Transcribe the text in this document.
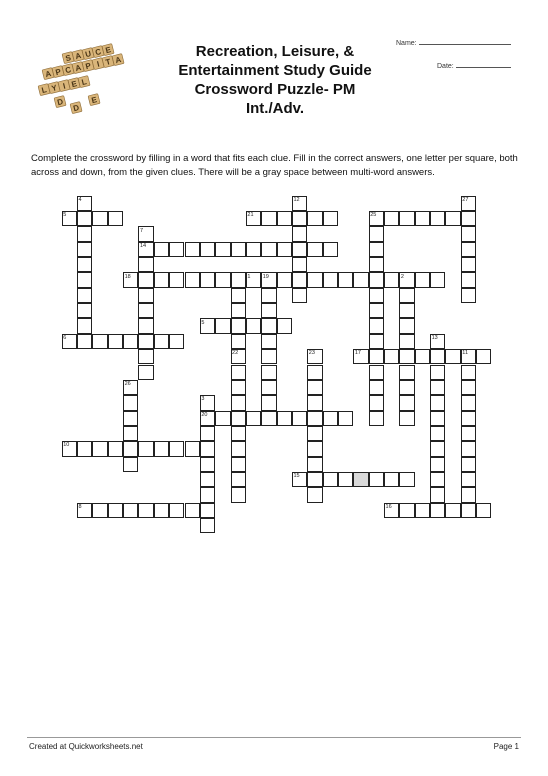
S A U C E
A P C A P I T A
L Y I E L
D
D
E
Recreation, Leisure, &
Entertainment Study Guide
Crossword Puzzle- PM
Int./Adv.
Name:
Date:
Complete the crossword by filling in a word that fits each clue. Fill in the correct answers, one letter per square, both across and down, from the given clues. There will be a gray space between multi-word answers.
4	12	27
5	21	25
7
14
18	1 19	2
5
6	13
22	23	17	11
26
3
20
10
15
8	16
Created at Quickworksheets.net	Page 1
